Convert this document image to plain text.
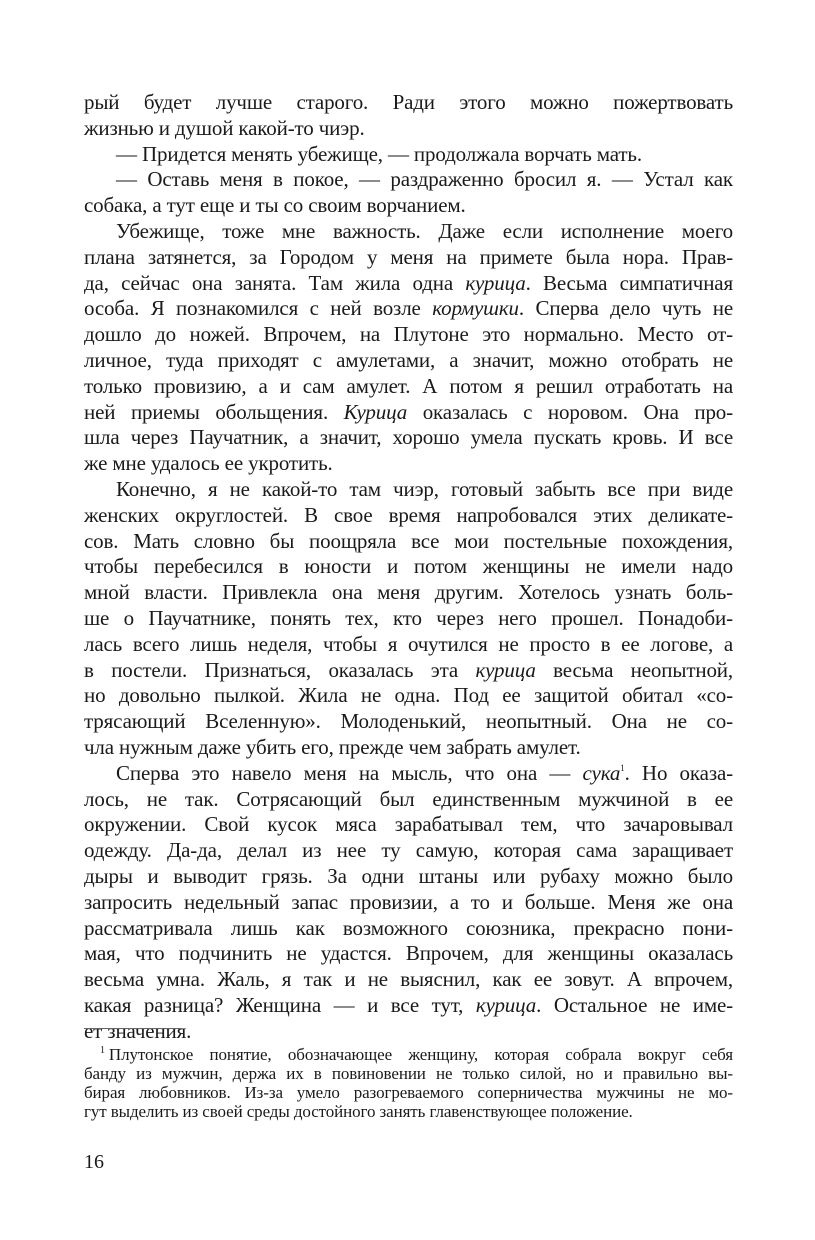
рый будет лучше старого. Ради этого можно пожертвовать
жизнью и душой какой-то чиэр.
— Придется менять убежище, — продолжала ворчать мать.
— Оставь меня в покое, — раздраженно бросил я. — Устал как
собака, а тут еще и ты со своим ворчанием.
Убежище, тоже мне важность. Даже если исполнение моего
плана затянется, за Городом у меня на примете была нора. Прав-
да, сейчас она занята. Там жила одна курица. Весьма симпатичная
особа. Я познакомился с ней возле кормушки. Сперва дело чуть не
дошло до ножей. Впрочем, на Плутоне это нормально. Место от-
личное, туда приходят с амулетами, а значит, можно отобрать не
только провизию, а и сам амулет. А потом я решил отработать на
ней приемы обольщения. Курица оказалась с норовом. Она про-
шла через Паучатник, а значит, хорошо умела пускать кровь. И все
же мне удалось ее укротить.
Конечно, я не какой-то там чиэр, готовый забыть все при виде
женских округлостей. В свое время напробовался этих деликате-
сов. Мать словно бы поощряла все мои постельные похождения,
чтобы перебесился в юности и потом женщины не имели надо
мной власти. Привлекла она меня другим. Хотелось узнать боль-
ше о Паучатнике, понять тех, кто через него прошел. Понадоби-
лась всего лишь неделя, чтобы я очутился не просто в ее логове, а
в постели. Признаться, оказалась эта курица весьма неопытной,
но довольно пылкой. Жила не одна. Под ее защитой обитал «со-
трясающий Вселенную». Молоденький, неопытный. Она не со-
чла нужным даже убить его, прежде чем забрать амулет.
Сперва это навело меня на мысль, что она — сука$^1$. Но оказа-
лось, не так. Сотрясающий был единственным мужчиной в ее
окружении. Свой кусок мяса зарабатывал тем, что зачаровывал
одежду. Да-да, делал из нее ту самую, которая сама заращивает
дыры и выводит грязь. За одни штаны или рубаху можно было
запросить недельный запас провизии, а то и больше. Меня же она
рассматривала лишь как возможного союзника, прекрасно пони-
мая, что подчинить не удастся. Впрочем, для женщины оказалась
весьма умна. Жаль, я так и не выяснил, как ее зовут. А впрочем,
какая разница? Женщина — и все тут, курица. Остальное не име-
ет значения.
$^1$ Плутонское понятие, обозначающее женщину, которая собрала вокруг себя
банду из мужчин, держа их в повиновении не только силой, но и правильно вы-
бирая любовников. Из-за умело разогреваемого соперничества мужчины не мо-
гут выделить из своей среды достойного занять главенствующее положение.
16
